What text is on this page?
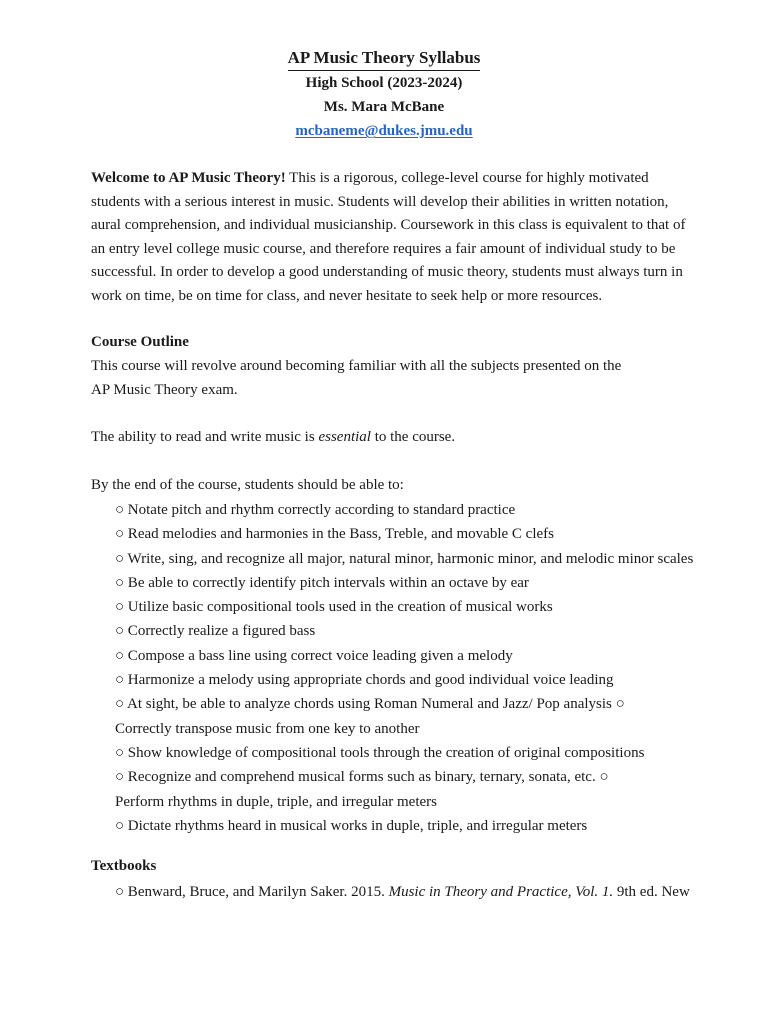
AP Music Theory Syllabus
High School (2023-2024)
Ms. Mara McBane
mcbaneme@dukes.jmu.edu
Welcome to AP Music Theory! This is a rigorous, college-level course for highly motivated students with a serious interest in music. Students will develop their abilities in written notation, aural comprehension, and individual musicianship. Coursework in this class is equivalent to that of an entry level college music course, and therefore requires a fair amount of individual study to be successful. In order to develop a good understanding of music theory, students must always turn in work on time, be on time for class, and never hesitate to seek help or more resources.
Course Outline
This course will revolve around becoming familiar with all the subjects presented on the
AP Music Theory exam.
The ability to read and write music is essential to the course.
By the end of the course, students should be able to:
○ Notate pitch and rhythm correctly according to standard practice
○ Read melodies and harmonies in the Bass, Treble, and movable C clefs
○ Write, sing, and recognize all major, natural minor, harmonic minor, and melodic minor scales
○ Be able to correctly identify pitch intervals within an octave by ear
○ Utilize basic compositional tools used in the creation of musical works
○ Correctly realize a figured bass
○ Compose a bass line using correct voice leading given a melody
○ Harmonize a melody using appropriate chords and good individual voice leading
○ At sight, be able to analyze chords using Roman Numeral and Jazz/ Pop analysis ○
Correctly transpose music from one key to another
○ Show knowledge of compositional tools through the creation of original compositions
○ Recognize and comprehend musical forms such as binary, ternary, sonata, etc. ○
Perform rhythms in duple, triple, and irregular meters
○ Dictate rhythms heard in musical works in duple, triple, and irregular meters
Textbooks
○ Benward, Bruce, and Marilyn Saker. 2015. Music in Theory and Practice, Vol. 1. 9th ed. New
